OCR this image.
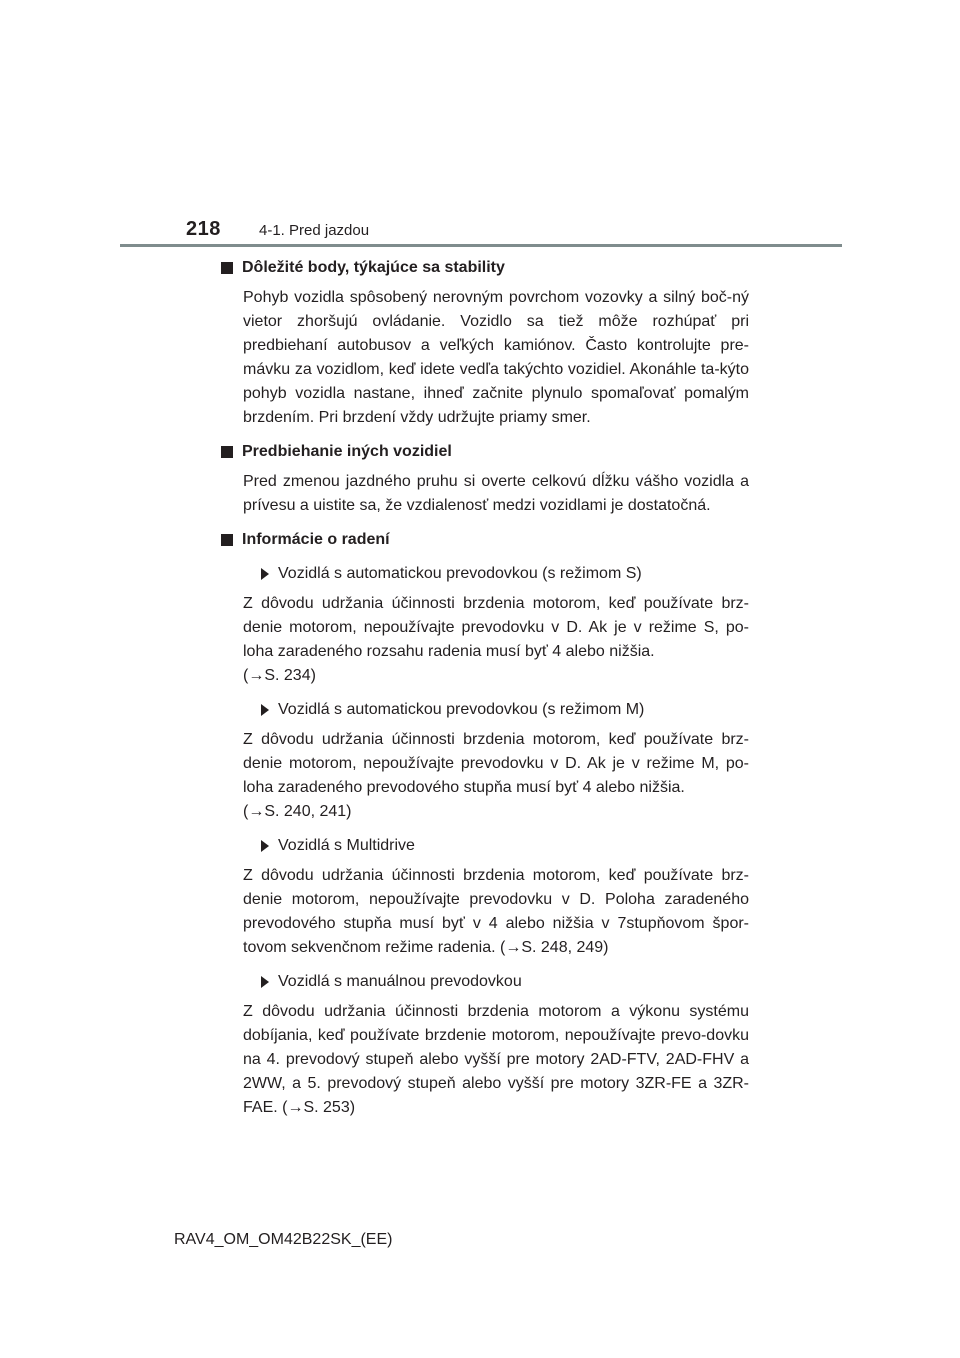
218	4-1. Pred jazdou
Dôležité body, týkajúce sa stability
Pohyb vozidla spôsobený nerovným povrchom vozovky a silný boč-ný vietor zhoršujú ovládanie. Vozidlo sa tiež môže rozhúpať pri predbiehaní autobusov a veľkých kamiónov. Často kontrolujte pre-mávku za vozidlom, keď idete vedľa takýchto vozidiel. Akonáhle ta-kýto pohyb vozidla nastane, ihneď začnite plynulo spomaľovať pomalým brzdením. Pri brzdení vždy udržujte priamy smer.
Predbiehanie iných vozidiel
Pred zmenou jazdného pruhu si overte celkovú dĺžku vášho vozidla a prívesu a uistite sa, že vzdialenosť medzi vozidlami je dostatočná.
Informácie o radení
Vozidlá s automatickou prevodovkou (s režimom S)
Z dôvodu udržania účinnosti brzdenia motorom, keď používate brz-denie motorom, nepoužívajte prevodovku v D. Ak je v režime S, po-loha zaradeného rozsahu radenia musí byť 4 alebo nižšia.
(→S. 234)
Vozidlá s automatickou prevodovkou (s režimom M)
Z dôvodu udržania účinnosti brzdenia motorom, keď používate brz-denie motorom, nepoužívajte prevodovku v D. Ak je v režime M, po-loha zaradeného prevodového stupňa musí byť 4 alebo nižšia.
(→S. 240, 241)
Vozidlá s Multidrive
Z dôvodu udržania účinnosti brzdenia motorom, keď používate brz-denie motorom, nepoužívajte prevodovku v D. Poloha zaradeného prevodového stupňa musí byť v 4 alebo nižšia v 7stupňovom špor-tovom sekvenčnom režime radenia. (→S. 248, 249)
Vozidlá s manuálnou prevodovkou
Z dôvodu udržania účinnosti brzdenia motorom a výkonu systému dobíjania, keď používate brzdenie motorom, nepoužívajte prevo-dovku na 4. prevodový stupeň alebo vyšší pre motory 2AD-FTV, 2AD-FHV a 2WW, a 5. prevodový stupeň alebo vyšší pre motory 3ZR-FE a 3ZR-FAE. (→S. 253)
RAV4_OM_OM42B22SK_(EE)
